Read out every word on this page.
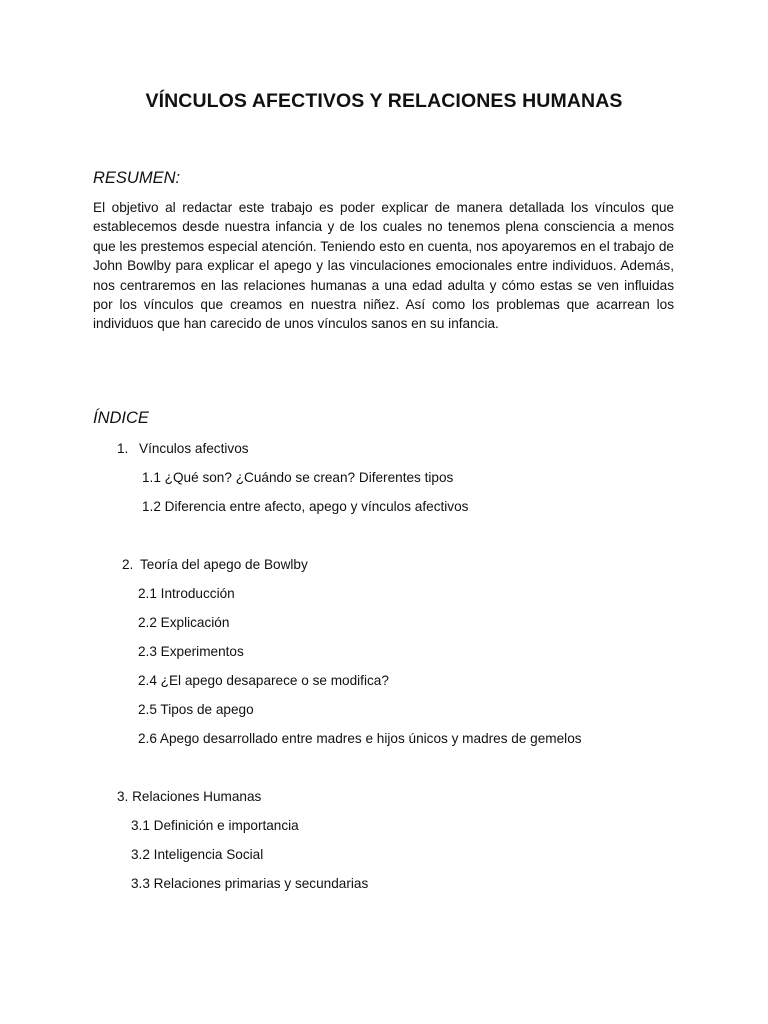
VÍNCULOS AFECTIVOS Y RELACIONES HUMANAS
RESUMEN:

El objetivo al redactar este trabajo es poder explicar de manera detallada los vínculos que establecemos desde nuestra infancia y de los cuales no tenemos plena consciencia a menos que les prestemos especial atención. Teniendo esto en cuenta, nos apoyaremos en el trabajo de John Bowlby para explicar el apego y las vinculaciones emocionales entre individuos. Además, nos centraremos en las relaciones humanas a una edad adulta y cómo estas se ven influidas por los vínculos que creamos en nuestra niñez. Así como los problemas que acarrean los individuos que han carecido de unos vínculos sanos en su infancia.

ÍNDICE
1. Vínculos afectivos
1.1 ¿Qué son? ¿Cuándo se crean? Diferentes tipos
1.2 Diferencia entre afecto, apego y vínculos afectivos
2. Teoría del apego de Bowlby
2.1 Introducción
2.2 Explicación
2.3 Experimentos
2.4 ¿El apego desaparece o se modifica?
2.5 Tipos de apego
2.6 Apego desarrollado entre madres e hijos únicos y madres de gemelos
3. Relaciones Humanas
3.1 Definición e importancia
3.2 Inteligencia Social
3.3 Relaciones primarias y secundarias
